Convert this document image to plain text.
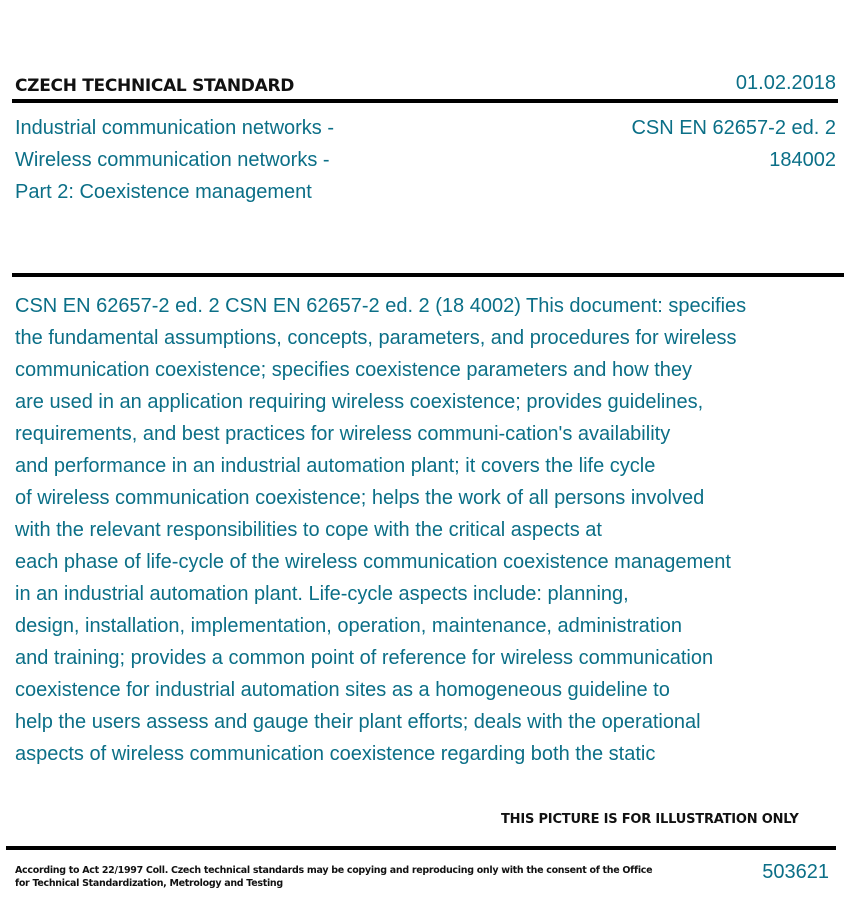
CZECH TECHNICAL STANDARD	01.02.2018
Industrial communication networks -
Wireless communication networks -
Part 2: Coexistence management
CSN EN 62657-2 ed. 2
184002
CSN EN 62657-2 ed. 2 CSN EN 62657-2 ed. 2 (18 4002) This document: specifies
the fundamental assumptions, concepts, parameters, and procedures for wireless
communication coexistence; specifies coexistence parameters and how they
are used in an application requiring wireless coexistence; provides guidelines,
requirements, and best practices for wireless communi-cation's availability
and performance in an industrial automation plant; it covers the life cycle
of wireless communication coexistence; helps the work of all persons involved
with the relevant responsibilities to cope with the critical aspects at
each phase of life-cycle of the wireless communication coexistence management
in an industrial automation plant. Life-cycle aspects include: planning,
design, installation, implementation, operation, maintenance, administration
and training; provides a common point of reference for wireless communication
coexistence for industrial automation sites as a homogeneous guideline to
help the users assess and gauge their plant efforts; deals with the operational
aspects of wireless communication coexistence regarding both the static
THIS PICTURE IS FOR ILLUSTRATION ONLY
According to Act 22/1997 Coll. Czech technical standards may be copying and reproducing only with the consent of the Office
for Technical Standardization, Metrology and Testing
503621
